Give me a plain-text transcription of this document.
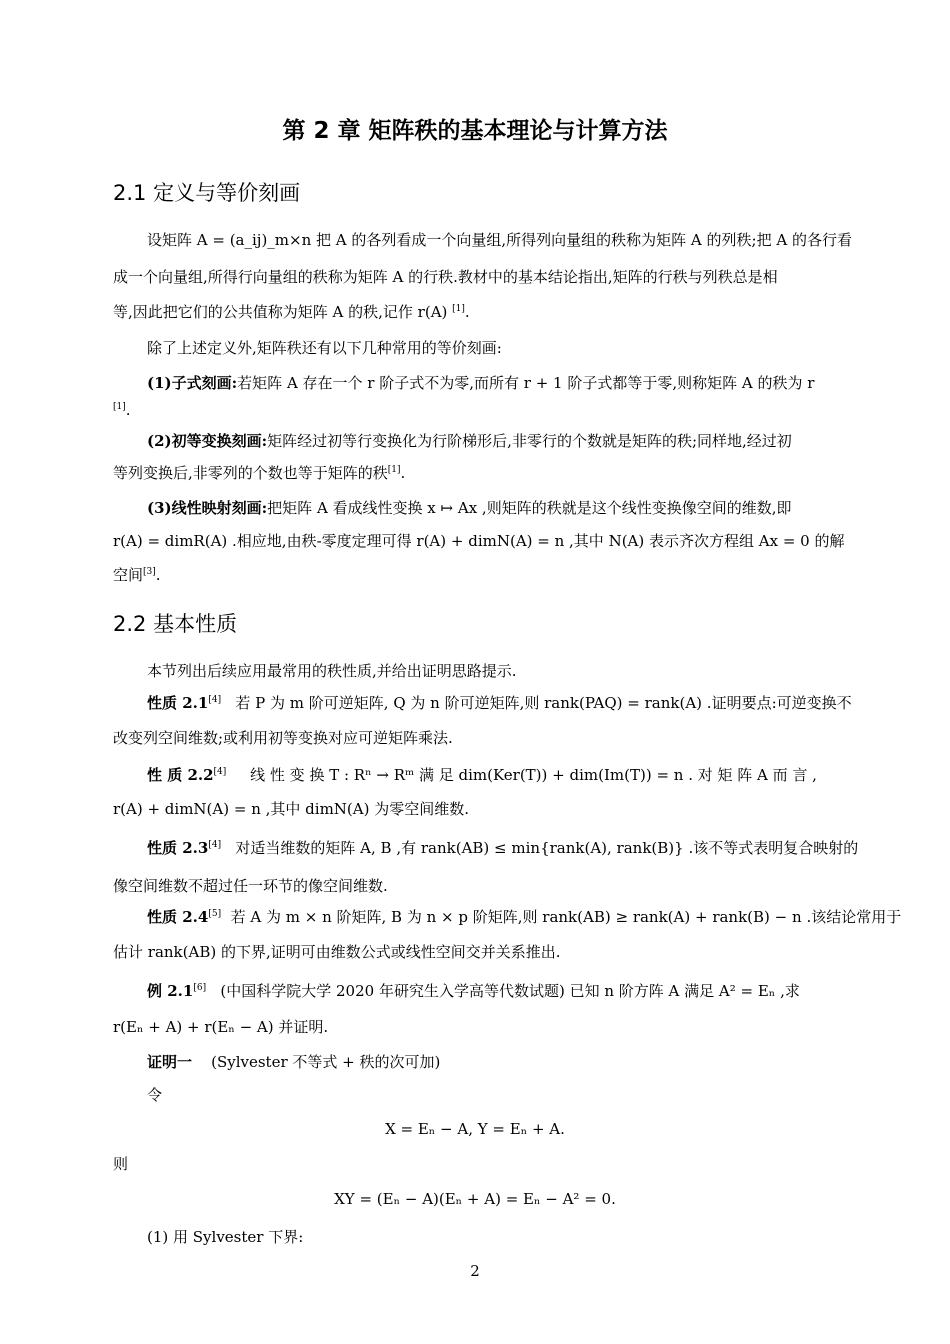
第 2 章 矩阵秩的基本理论与计算方法
2.1 定义与等价刻画
设矩阵 A = (a_ij)_m×n 把 A 的各列看成一个向量组,所得列向量组的秩称为矩阵 A 的列秩;把 A 的各行看
成一个向量组,所得行向量组的秩称为矩阵 A 的行秩.教材中的基本结论指出,矩阵的行秩与列秩总是相
等,因此把它们的公共值称为矩阵 A 的秩,记作 r(A) [1].
除了上述定义外,矩阵秩还有以下几种常用的等价刻画:
(1)子式刻画:若矩阵 A 存在一个 r 阶子式不为零,而所有 r + 1 阶子式都等于零,则称矩阵 A 的秩为 r
[1].
(2)初等变换刻画:矩阵经过初等行变换化为行阶梯形后,非零行的个数就是矩阵的秩;同样地,经过初
等列变换后,非零列的个数也等于矩阵的秩[1].
(3)线性映射刻画:把矩阵 A 看成线性变换 x ↦ Ax ,则矩阵的秩就是这个线性变换像空间的维数,即
r(A) = dimR(A) .相应地,由秩-零度定理可得 r(A) + dimN(A) = n ,其中 N(A) 表示齐次方程组 Ax = 0 的解
空间[3].
2.2 基本性质
本节列出后续应用最常用的秩性质,并给出证明思路提示.
性质 2.1[4] 若 P 为 m 阶可逆矩阵, Q 为 n 阶可逆矩阵,则 rank(PAQ) = rank(A) .证明要点:可逆变换不
改变列空间维数;或利用初等变换对应可逆矩阵乘法.
性 质 2.2[4] 线 性 变 换 T : Rⁿ → Rᵐ 满 足 dim(Ker(T)) + dim(Im(T)) = n . 对 矩 阵 A 而 言 ,
r(A) + dimN(A) = n ,其中 dimN(A) 为零空间维数.
性质 2.3[4] 对适当维数的矩阵 A, B ,有 rank(AB) ≤ min{rank(A), rank(B)} .该不等式表明复合映射的
像空间维数不超过任一环节的像空间维数.
性质 2.4[5] 若 A 为 m × n 阶矩阵, B 为 n × p 阶矩阵,则 rank(AB) ≥ rank(A) + rank(B) − n .该结论常用于
估计 rank(AB) 的下界,证明可由维数公式或线性空间交并关系推出.
例 2.1[6] (中国科学院大学 2020 年研究生入学高等代数试题) 已知 n 阶方阵 A 满足 A² = Eₙ ,求
r(Eₙ + A) + r(Eₙ − A) 并证明.
证明一 (Sylvester 不等式 + 秩的次可加)
令
X = Eₙ − A, Y = Eₙ + A.
则
XY = (Eₙ − A)(Eₙ + A) = Eₙ − A² = 0.
(1) 用 Sylvester 下界:
2
